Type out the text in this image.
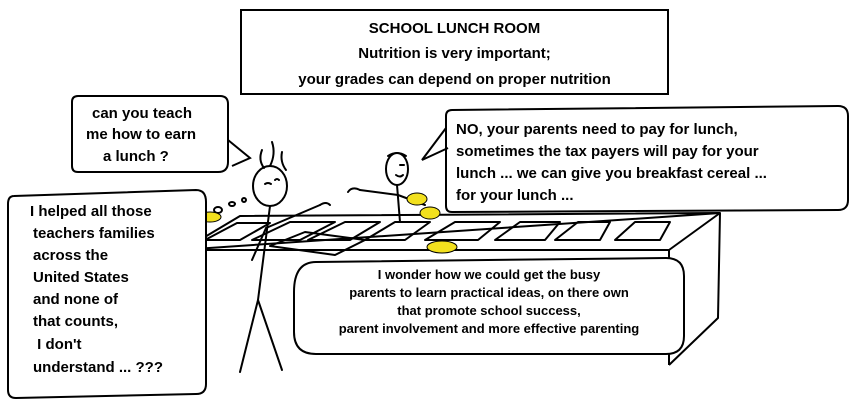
SCHOOL LUNCH ROOM
Nutrition is very important;
your grades can depend on proper nutrition
can you teach
me how to earn
a lunch ?
NO, your parents need to pay for lunch,
sometimes the tax payers will pay for your
lunch ... we can give you breakfast cereal ...
for your lunch ...
I helped all those
teachers families
across the
United States
and none of
that counts,
I don't
understand ... ???
I wonder how we could get the busy
parents to learn practical ideas, on there own
that promote school success,
parent involvement and more effective parenting
